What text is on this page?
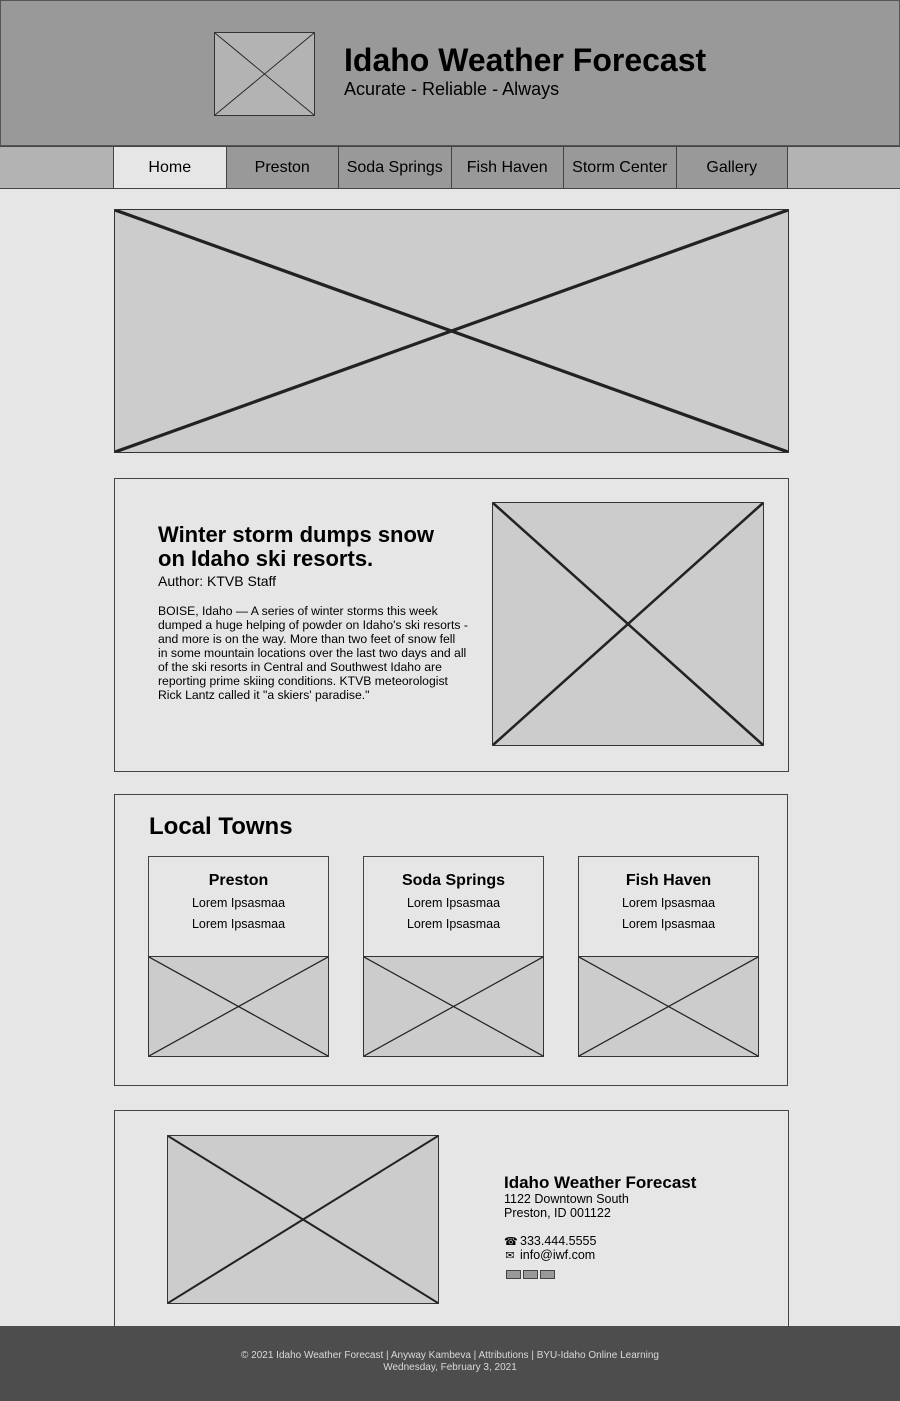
Idaho Weather Forecast
Acurate - Reliable - Always
Home	Preston	Soda Springs	Fish Haven	Storm Center	Gallery
Winter storm dumps snow on Idaho ski resorts.
Author: KTVB Staff
BOISE, Idaho — A series of winter storms this week dumped a huge helping of powder on Idaho's ski resorts - and more is on the way. More than two feet of snow fell in some mountain locations over the last two days and all of the ski resorts in Central and Southwest Idaho are reporting prime skiing conditions. KTVB meteorologist Rick Lantz called it "a skiers' paradise."
Local Towns
Preston
Lorem Ipsasmaa
Lorem Ipsasmaa
Soda Springs
Lorem Ipsasmaa
Lorem Ipsasmaa
Fish Haven
Lorem Ipsasmaa
Lorem Ipsasmaa
Idaho Weather Forecast
1122 Downtown South
Preston, ID 001122
☎ 333.444.5555
✉ info@iwf.com
© 2021 Idaho Weather Forecast | Anyway Kambeva | Attributions | BYU-Idaho Online Learning
Wednesday, February 3, 2021
